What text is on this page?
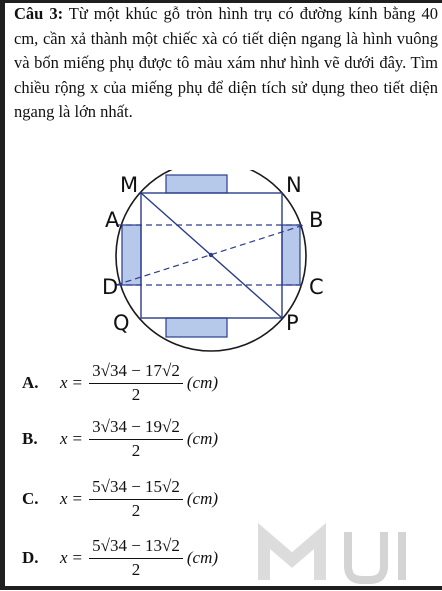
Câu 3: Từ một khúc gỗ tròn hình trụ có đường kính bằng 40 cm, cần xả thành một chiếc xà có tiết diện ngang là hình vuông và bốn miếng phụ được tô màu xám như hình vẽ dưới đây. Tìm chiều rộng x của miếng phụ để diện tích sử dụng theo tiết diện ngang là lớn nhất.
M	N
A	B
D	C
Q	P
A.	$x = \frac{3√34 - 17√2}{2} (cm)$
B.	$x = \frac{3√34 - 19√2}{2} (cm)$
C.	$x = \frac{5√34 - 15√2}{2} (cm)$
D.	$x = \frac{5√34 - 13√2}{2} (cm)$
